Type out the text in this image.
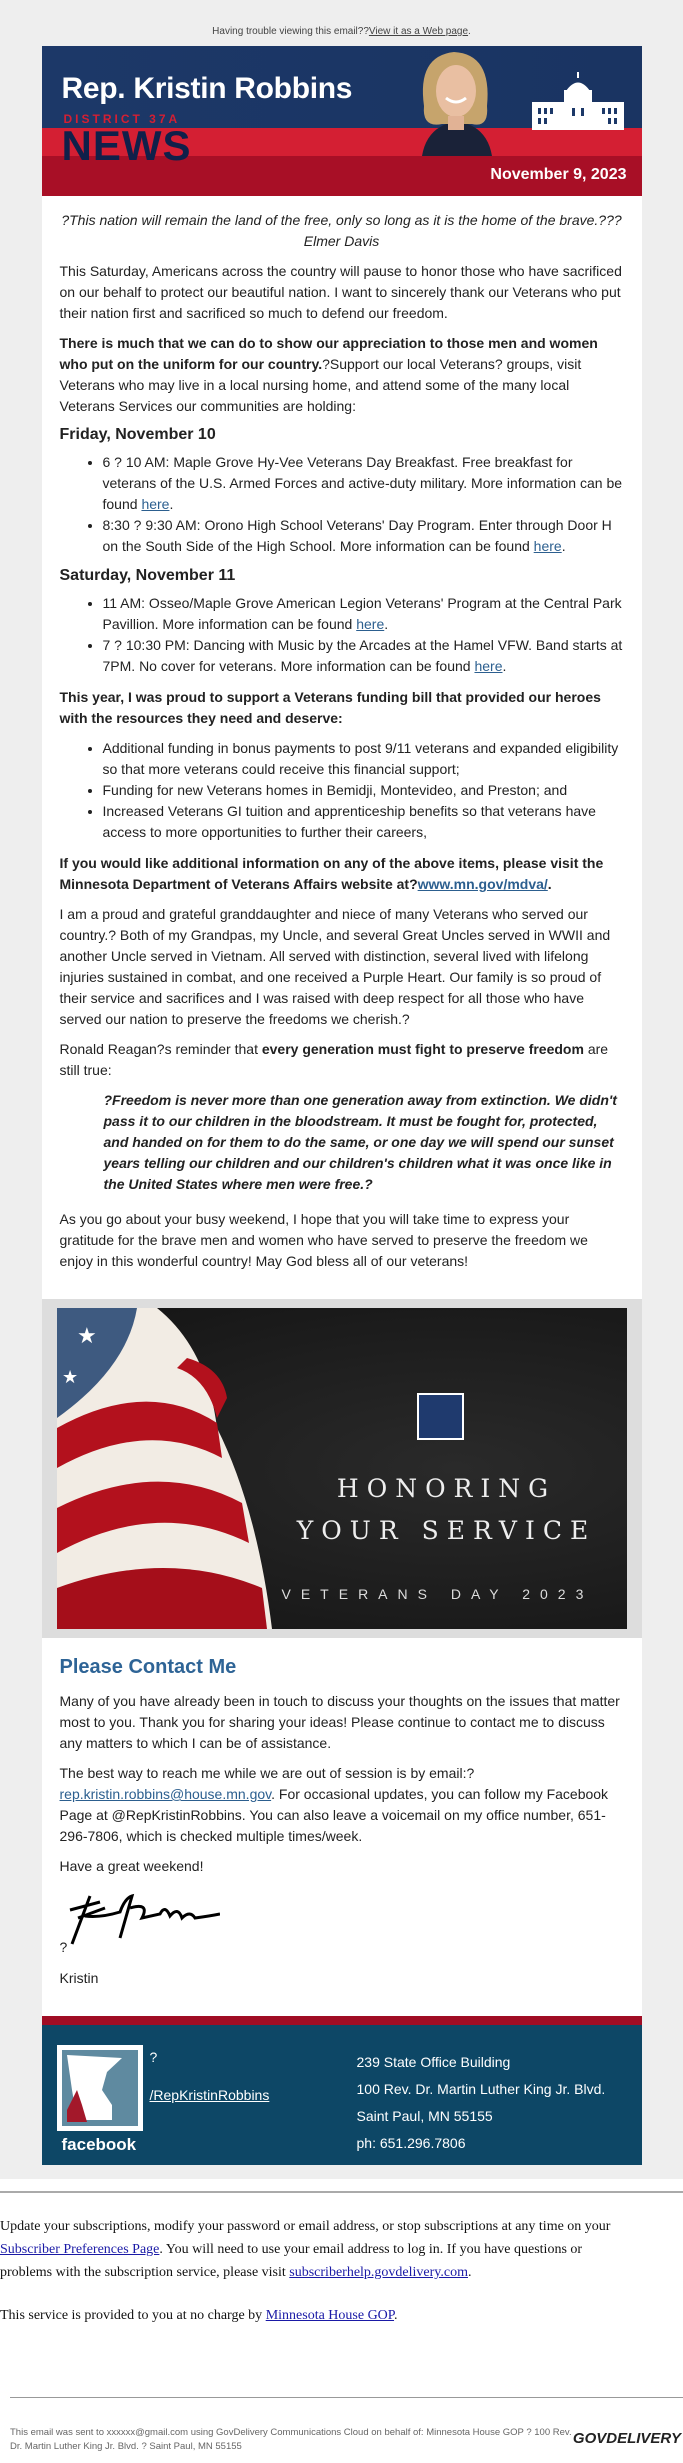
Having trouble viewing this email??View it as a Web page.
Rep. Kristin Robbins
DISTRICT 37A
NEWS
November 9, 2023

?This nation will remain the land of the free, only so long as it is the home of the brave.??? Elmer Davis

This Saturday, Americans across the country will pause to honor those who have sacrificed on our behalf to protect our beautiful nation. I want to sincerely thank our Veterans who put their nation first and sacrificed so much to defend our freedom.

There is much that we can do to show our appreciation to those men and women who put on the uniform for our country.?Support our local Veterans? groups, visit Veterans who may live in a local nursing home, and attend some of the many local Veterans Services our communities are holding:

Friday, November 10
• 6 ? 10 AM: Maple Grove Hy-Vee Veterans Day Breakfast. Free breakfast for veterans of the U.S. Armed Forces and active-duty military. More information can be found here.
• 8:30 ? 9:30 AM: Orono High School Veterans' Day Program. Enter through Door H on the South Side of the High School. More information can be found here.
Saturday, November 11
• 11 AM: Osseo/Maple Grove American Legion Veterans' Program at the Central Park Pavillion. More information can be found here.
• 7 ? 10:30 PM: Dancing with Music by the Arcades at the Hamel VFW. Band starts at 7PM. No cover for veterans. More information can be found here.

This year, I was proud to support a Veterans funding bill that provided our heroes with the resources they need and deserve:

• Additional funding in bonus payments to post 9/11 veterans and expanded eligibility so that more veterans could receive this financial support;
• Funding for new Veterans homes in Bemidji, Montevideo, and Preston; and
• Increased Veterans GI tuition and apprenticeship benefits so that veterans have access to more opportunities to further their careers,

If you would like additional information on any of the above items, please visit the Minnesota Department of Veterans Affairs website at?www.mn.gov/mdva/.

I am a proud and grateful granddaughter and niece of many Veterans who served our country.? Both of my Grandpas, my Uncle, and several Great Uncles served in WWII and another Uncle served in Vietnam. All served with distinction, several lived with lifelong injuries sustained in combat, and one received a Purple Heart. Our family is so proud of their service and sacrifices and I was raised with deep respect for all those who have served our nation to preserve the freedoms we cherish.?

Ronald Reagan?s reminder that every generation must fight to preserve freedom are still true:

?Freedom is never more than one generation away from extinction. We didn't pass it to our children in the bloodstream. It must be fought for, protected, and handed on for them to do the same, or one day we will spend our sunset years telling our children and our children's children what it was once like in the United States where men were free.?

As you go about your busy weekend, I hope that you will take time to express your gratitude for the brave men and women who have served to preserve the freedom we enjoy in this wonderful country! May God bless all of our veterans!

★
★
HONORING YOUR SERVICE
VETERANS DAY 2023
Please Contact Me

Many of you have already been in touch to discuss your thoughts on the issues that matter most to you. Thank you for sharing your ideas! Please continue to contact me to discuss any matters to which I can be of assistance.

The best way to reach me while we are out of session is by email:? rep.kristin.robbins@house.mn.gov. For occasional updates, you can follow my Facebook Page at @RepKristinRobbins. You can also leave a voicemail on my office number, 651-296-7806, which is checked multiple times/week.

Have a great weekend!

?

Kristin

facebook
?
/RepKristinRobbins
239 State Office Building
100 Rev. Dr. Martin Luther King Jr. Blvd.
Saint Paul, MN 55155
ph: 651.296.7806

Update your subscriptions, modify your password or email address, or stop subscriptions at any time on your
Subscriber Preferences Page. You will need to use your email address to log in. If you have questions or
problems with the subscription service, please visit subscriberhelp.govdelivery.com.

This service is provided to you at no charge by Minnesota House GOP.

This email was sent to xxxxxx@gmail.com using GovDelivery Communications Cloud on behalf of: Minnesota House GOP ? 100 Rev. Dr. Martin Luther King Jr. Blvd. ? Saint Paul, MN 55155	GOVDELIVERY
